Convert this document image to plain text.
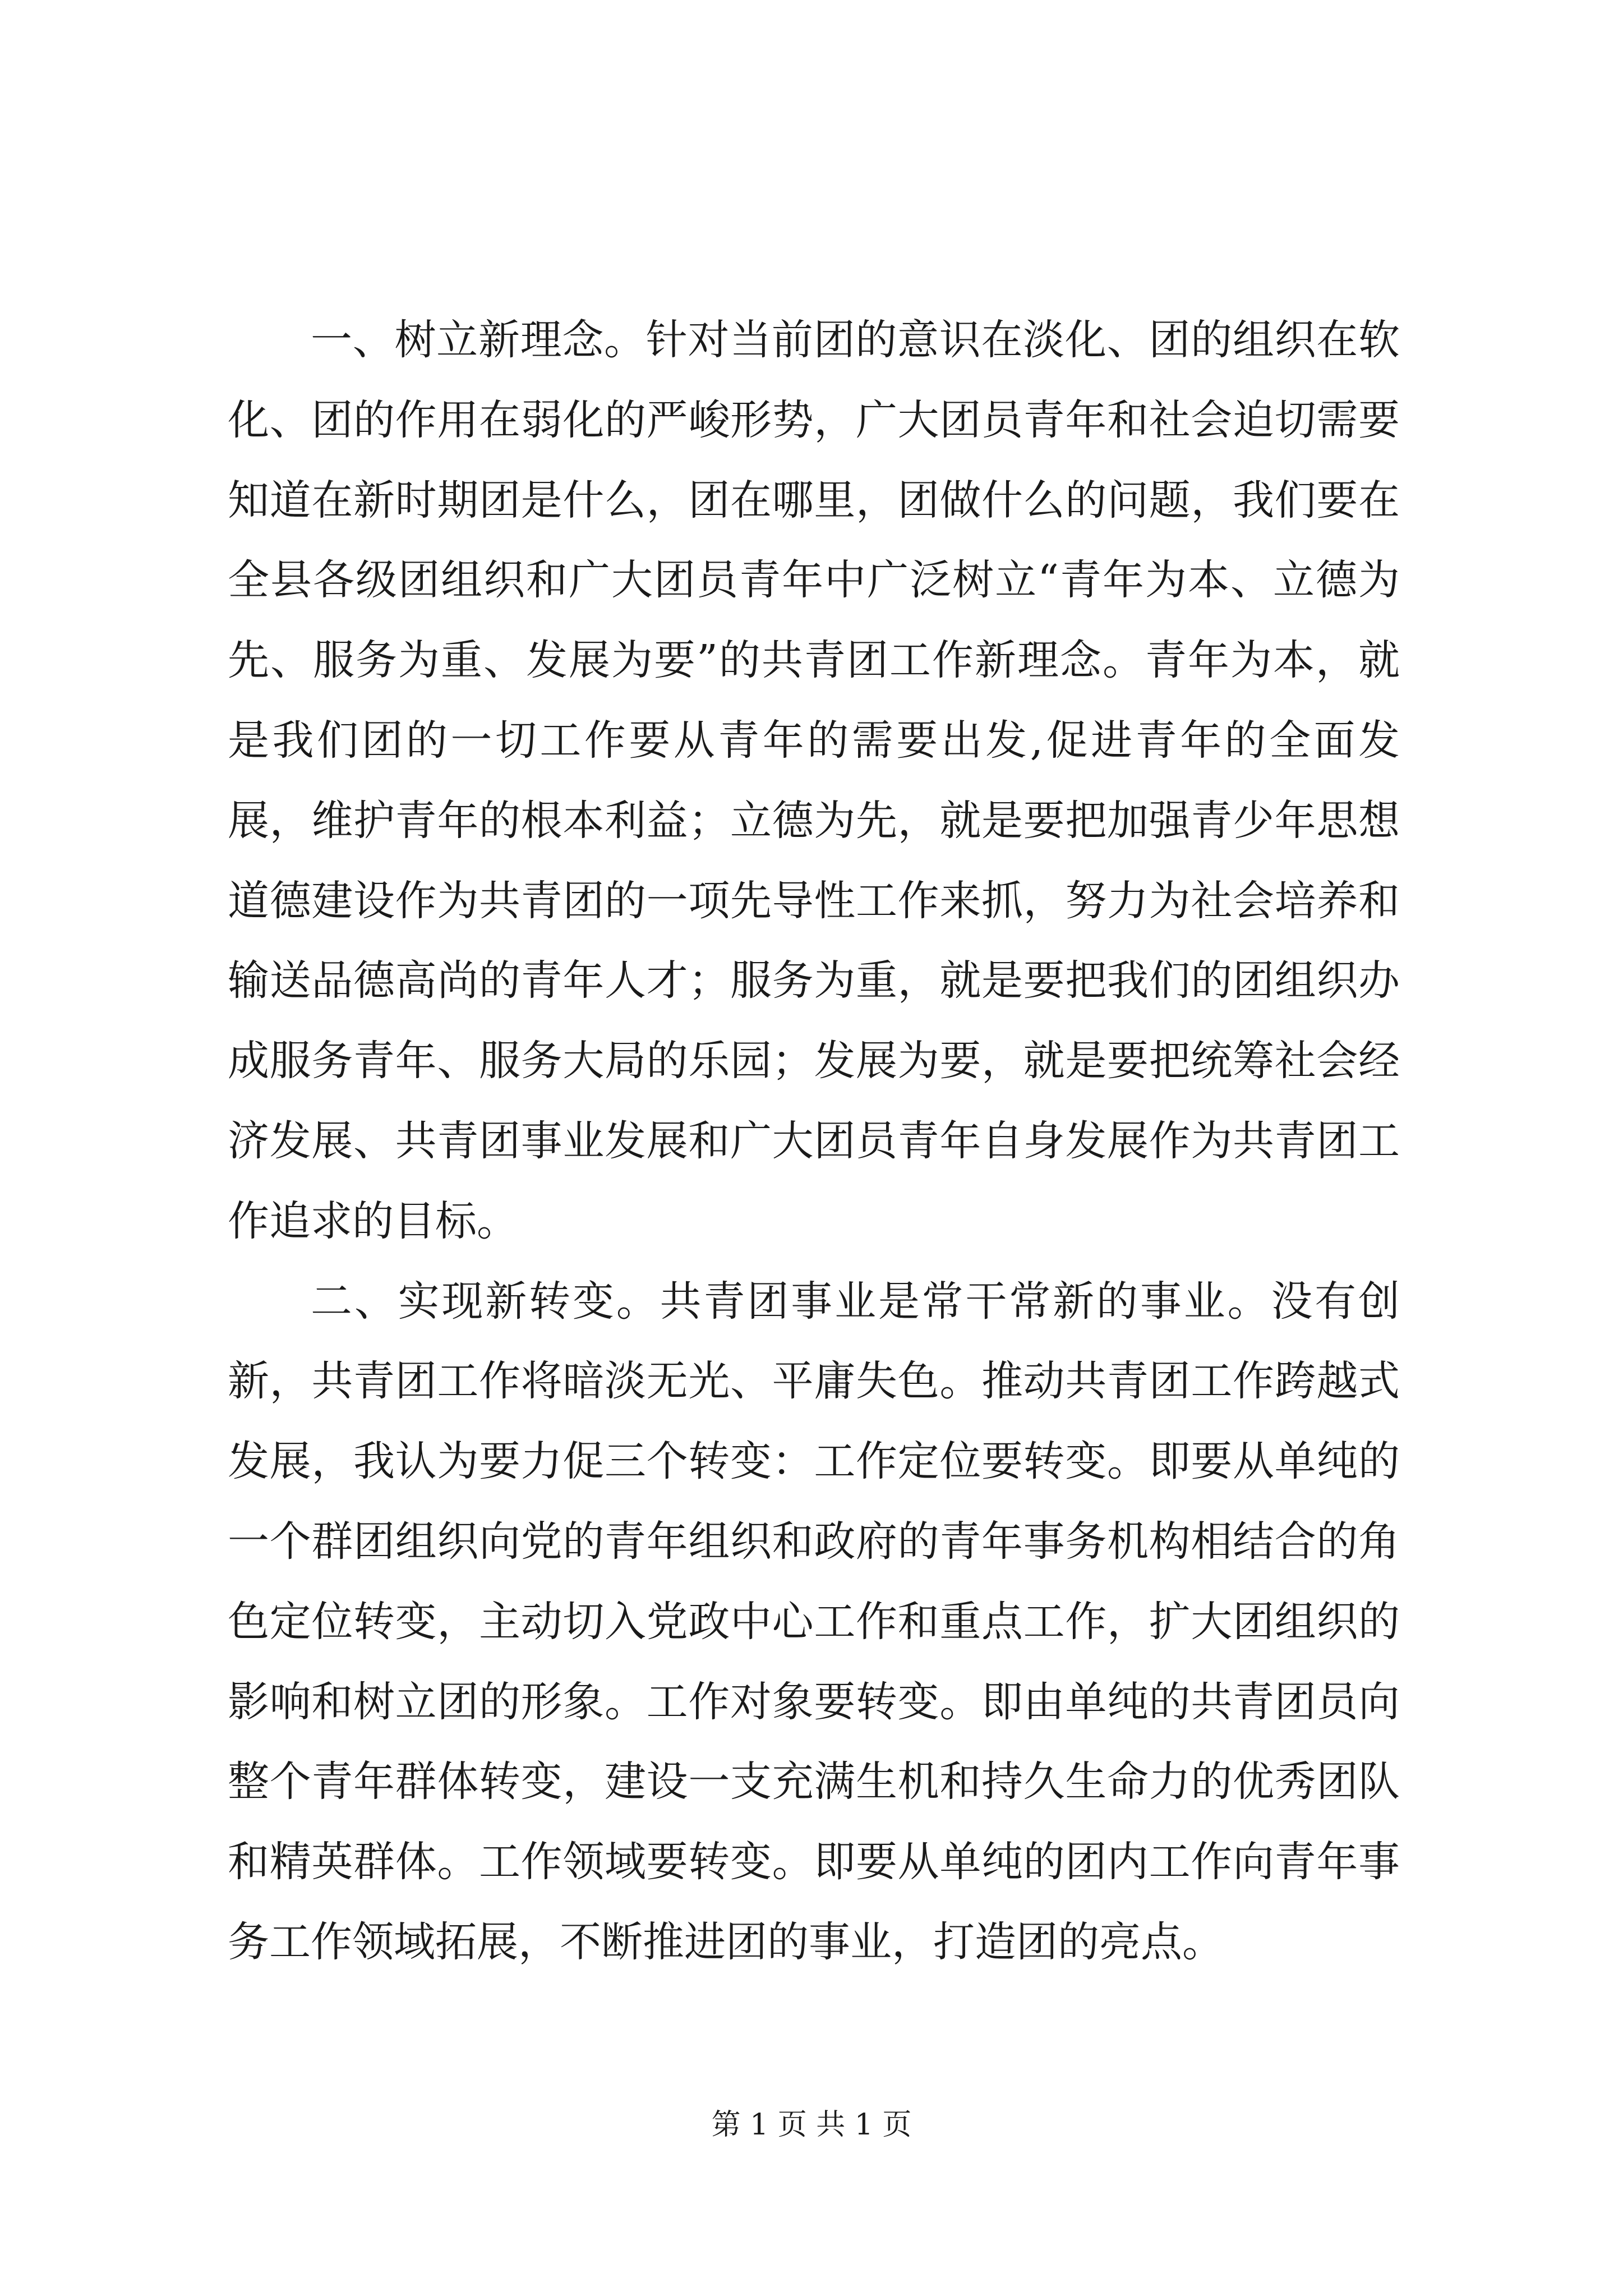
一、树立新理念。针对当前团的意识在淡化、团的组织在软化、团的作用在弱化的严峻形势，广大团员青年和社会迫切需要知道在新时期团是什么，团在哪里，团做什么的问题，我们要在全县各级团组织和广大团员青年中广泛树立“青年为本、立德为先、服务为重、发展为要”的共青团工作新理念。青年为本，就是我们团的一切工作要从青年的需要出发,促进青年的全面发展，维护青年的根本利益；立德为先，就是要把加强青少年思想道德建设作为共青团的一项先导性工作来抓，努力为社会培养和输送品德高尚的青年人才；服务为重，就是要把我们的团组织办成服务青年、服务大局的乐园；发展为要，就是要把统筹社会经济发展、共青团事业发展和广大团员青年自身发展作为共青团工作追求的目标。

二、实现新转变。共青团事业是常干常新的事业。没有创新，共青团工作将暗淡无光、平庸失色。推动共青团工作跨越式发展，我认为要力促三个转变：工作定位要转变。即要从单纯的一个群团组织向党的青年组织和政府的青年事务机构相结合的角色定位转变，主动切入党政中心工作和重点工作，扩大团组织的影响和树立团的形象。工作对象要转变。即由单纯的共青团员向整个青年群体转变，建设一支充满生机和持久生命力的优秀团队和精英群体。工作领域要转变。即要从单纯的团内工作向青年事务工作领域拓展，不断推进团的事业，打造团的亮点。

第 1 页 共 1 页
